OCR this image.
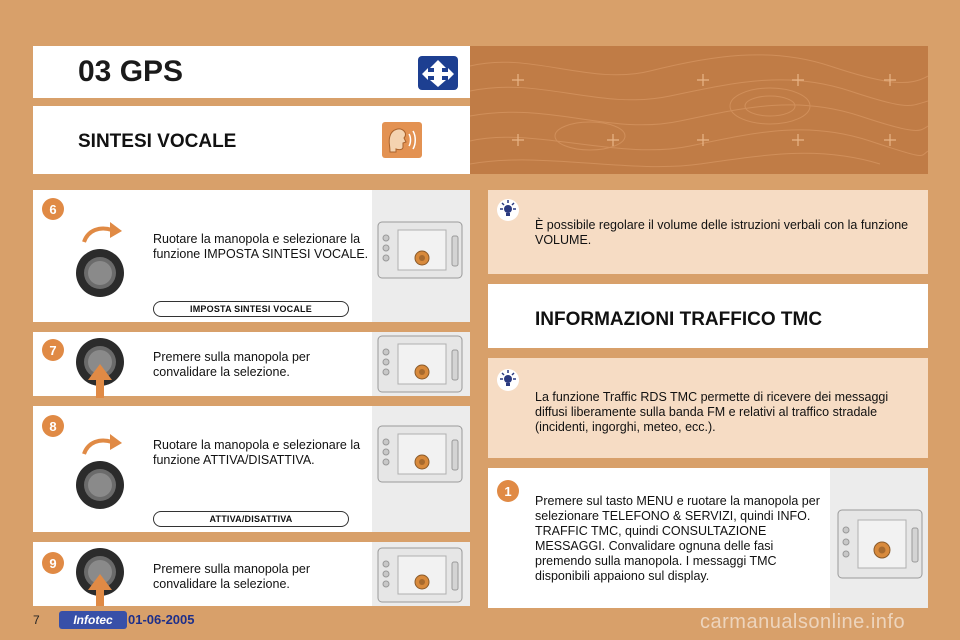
03 GPS
SINTESI VOCALE
6
Ruotare la manopola e selezionare la funzione IMPOSTA SINTESI VOCALE.
IMPOSTA SINTESI VOCALE
7	Premere sulla manopola per convalidare la selezione.
8
Ruotare la manopola e selezionare la funzione ATTIVA/DISATTIVA.
ATTIVA/DISATTIVA
9	Premere sulla manopola per convalidare la selezione.
È possibile regolare il volume delle istruzioni verbali con la funzione VOLUME.
INFORMAZIONI TRAFFICO TMC
La funzione Traffic RDS TMC permette di ricevere dei messaggi diffusi liberamente sulla banda FM e relativi al traffico stradale (incidenti, ingorghi, meteo, ecc.).
1
Premere sul tasto MENU e ruotare la manopola per selezionare TELEFONO & SERVIZI, quindi INFO. TRAFFIC TMC, quindi CONSULTAZIONE MESSAGGI. Convalidare ognuna delle fasi premendo sulla manopola. I messaggi TMC disponibili appaiono sul display.
7	Infotec	01-06-2005	carmanualsonline.info
